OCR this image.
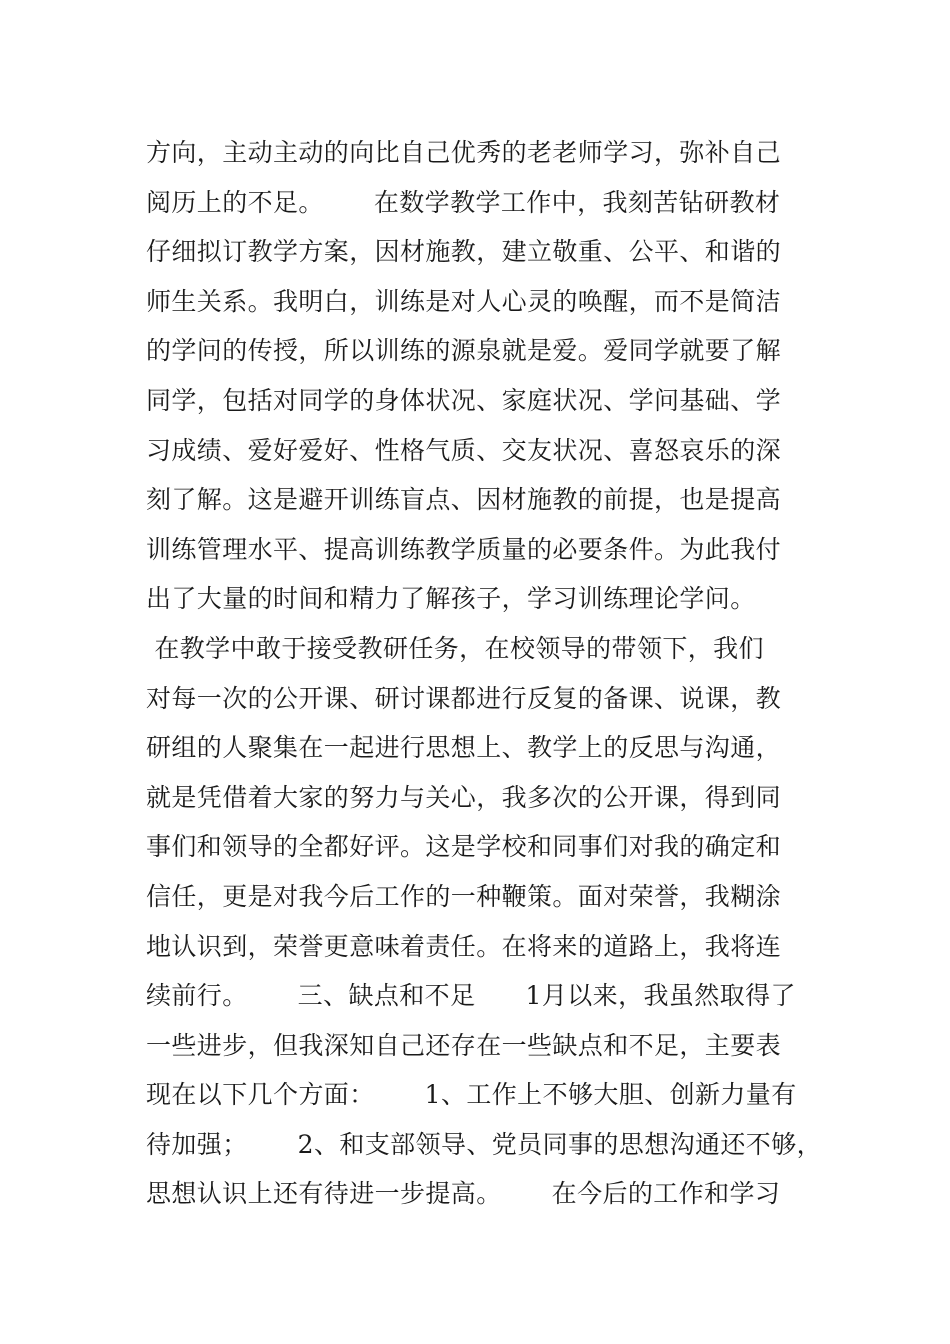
方向，主动主动的向比自己优秀的老老师学习，弥补自己
阅历上的不足。      在数学教学工作中，我刻苦钻研教材
仔细拟订教学方案，因材施教，建立敬重、公平、和谐的
师生关系。我明白，训练是对人心灵的唤醒，而不是简洁
的学问的传授，所以训练的源泉就是爱。爱同学就要了解
同学，包括对同学的身体状况、家庭状况、学问基础、学
习成绩、爱好爱好、性格气质、交友状况、喜怒哀乐的深
刻了解。这是避开训练盲点、因材施教的前提，也是提高
训练管理水平、提高训练教学质量的必要条件。为此我付
出了大量的时间和精力了解孩子，学习训练理论学问。
在教学中敢于接受教研任务，在校领导的带领下，我们
对每一次的公开课、研讨课都进行反复的备课、说课，教
研组的人聚集在一起进行思想上、教学上的反思与沟通，
就是凭借着大家的努力与关心，我多次的公开课，得到同
事们和领导的全都好评。这是学校和同事们对我的确定和
信任，更是对我今后工作的一种鞭策。面对荣誉，我糊涂
地认识到，荣誉更意味着责任。在将来的道路上，我将连
续前行。      三、缺点和不足      1月以来，我虽然取得了
一些进步，但我深知自己还存在一些缺点和不足，主要表
现在以下几个方面：      1、工作上不够大胆、创新力量有
待加强；      2、和支部领导、党员同事的思想沟通还不够，
思想认识上还有待进一步提高。      在今后的工作和学习
